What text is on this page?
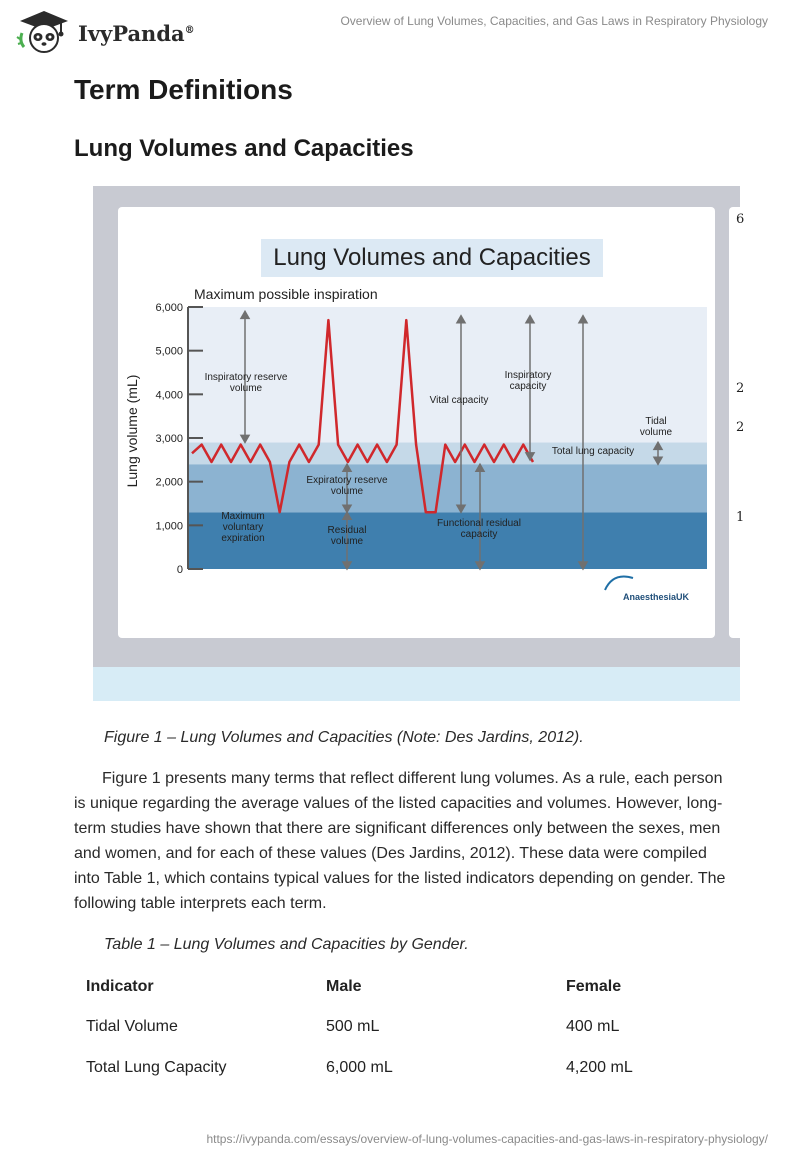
IvyPanda®
Overview of Lung Volumes, Capacities, and Gas Laws in Respiratory Physiology
Term Definitions
Lung Volumes and Capacities
6
2
2
1
Lung Volumes and Capacities
Maximum possible inspiration
Lung volume (mL)
0
1,000
2,000
3,000
4,000
5,000
6,000
Inspiratory reserve volume
Vital capacity
Inspiratory capacity
Tidal volume
Total lung capacity
Expiratory reserve volume
Maximum voluntary expiration
Residual volume
Functional residual capacity
AnaesthesiaUK

Figure 1 – Lung Volumes and Capacities (Note: Des Jardins, 2012).

Figure 1 presents many terms that reflect different lung volumes. As a rule, each person is unique regarding the average values of the listed capacities and volumes. However, long-term studies have shown that there are significant differences only between the sexes, men and women, and for each of these values (Des Jardins, 2012). These data were compiled into Table 1, which contains typical values for the listed indicators depending on gender. The following table interprets each term.

Table 1 – Lung Volumes and Capacities by Gender.

Indicator	Male	Female
Tidal Volume	500 mL	400 mL
Total Lung Capacity	6,000 mL	4,200 mL
https://ivypanda.com/essays/overview-of-lung-volumes-capacities-and-gas-laws-in-respiratory-physiology/
